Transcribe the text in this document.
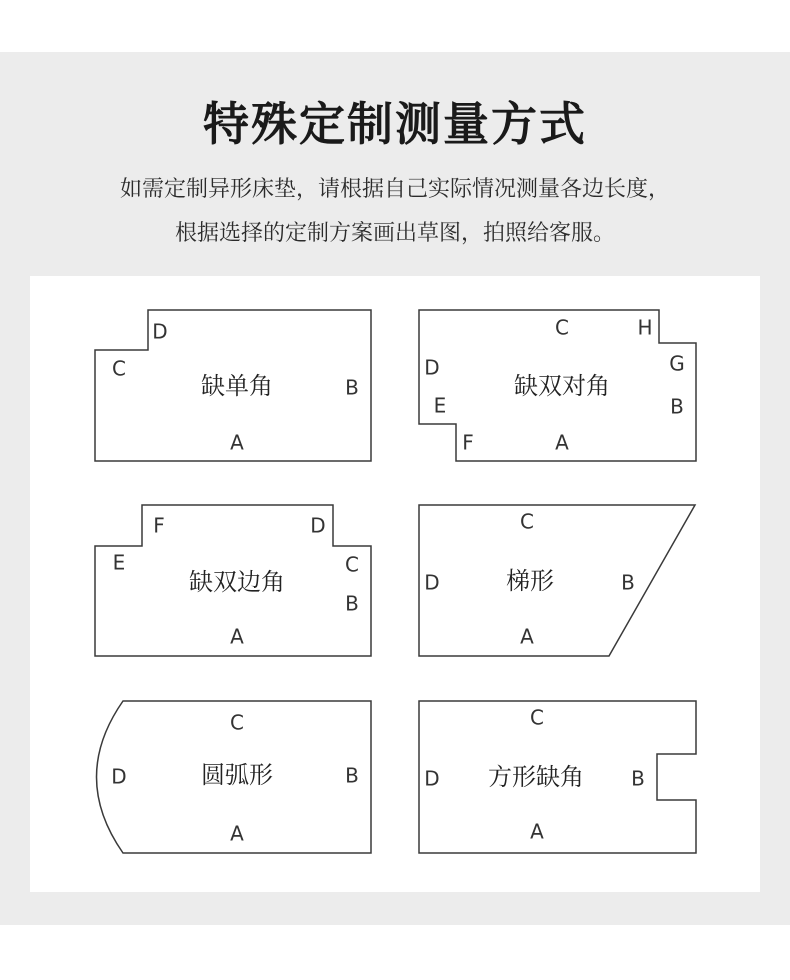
特殊定制测量方式
如需定制异形床垫，请根据自己实际情况测量各边长度，
根据选择的定制方案画出草图，拍照给客服。
D
C
缺单角	B
A
C	H
D	G
缺双对角
E	B
F	A
F	D
E	C
缺双边角
B
A
C
D	梯形	B
A
C
D	圆弧形	B
A
C
D 方形缺角 B
A
